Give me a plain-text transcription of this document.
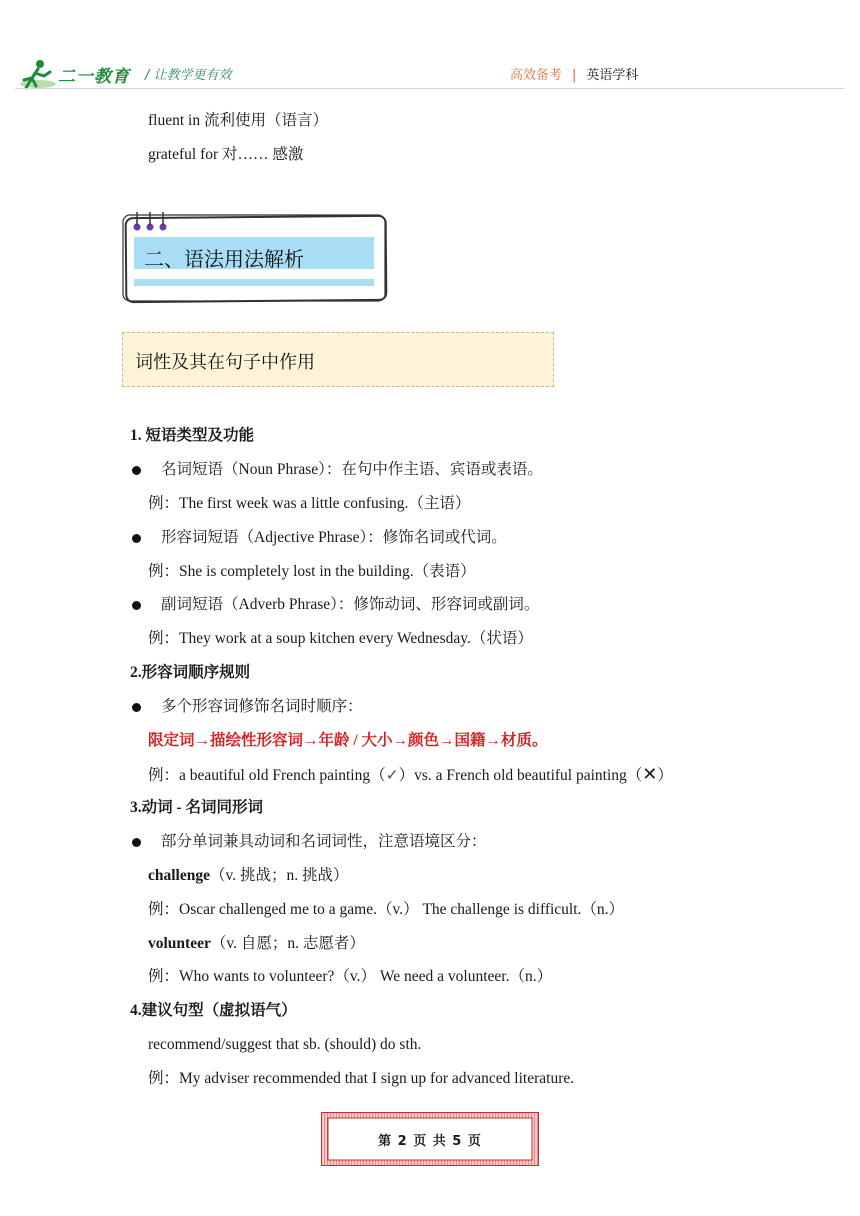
二一教育 / 让教学更有效	高效备考 | 英语学科
fluent in 流利使用（语言）
grateful for 对…… 感激
二、语法用法解析
词性及其在句子中作用
1. 短语类型及功能
名词短语（Noun Phrase）：在句中作主语、宾语或表语。
例：The first week was a little confusing.（主语）
形容词短语（Adjective Phrase）：修饰名词或代词。
例：She is completely lost in the building.（表语）
副词短语（Adverb Phrase）：修饰动词、形容词或副词。
例：They work at a soup kitchen every Wednesday.（状语）
2.形容词顺序规则
多个形容词修饰名词时顺序：
限定词→描绘性形容词→年龄 / 大小→颜色→国籍→材质。
例：a beautiful old French painting（✓）vs. a French old beautiful painting（✕）
3.动词 - 名词同形词
部分单词兼具动词和名词词性，注意语境区分：
challenge（v. 挑战；n. 挑战）
例：Oscar challenged me to a game.（v.） The challenge is difficult.（n.）
volunteer（v. 自愿；n. 志愿者）
例：Who wants to volunteer?（v.） We need a volunteer.（n.）
4.建议句型（虚拟语气）
recommend/suggest that sb. (should) do sth.
例：My adviser recommended that I sign up for advanced literature.
第 2 页 共 5 页
